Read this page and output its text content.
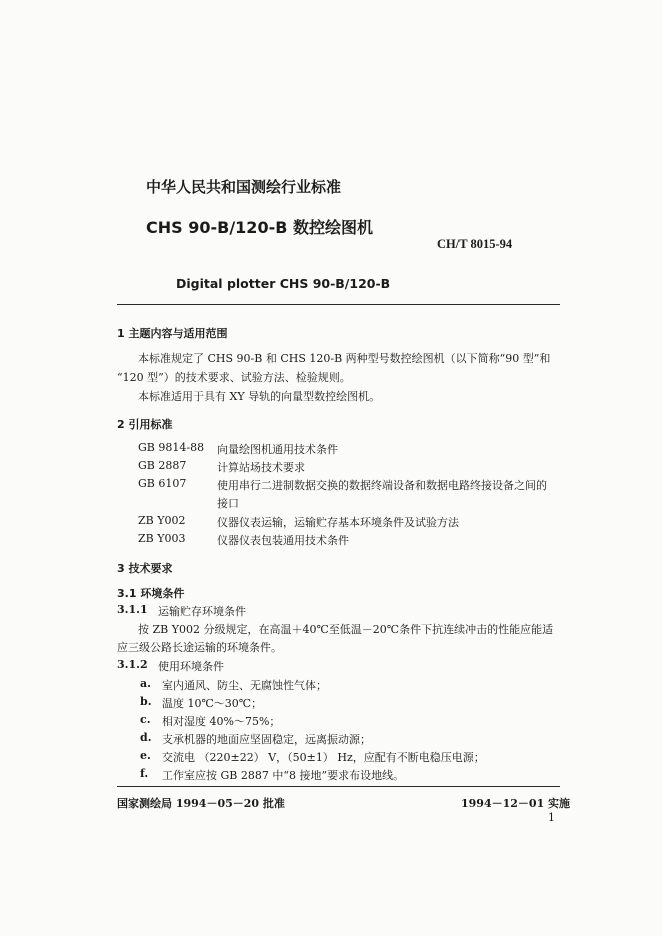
中华人民共和国测绘行业标准
CHS 90-B/120-B 数控绘图机
CH/T 8015-94
Digital plotter CHS 90-B/120-B
1 主题内容与适用范围
本标准规定了 CHS 90-B 和 CHS 120-B 两种型号数控绘图机（以下简称“90 型”和
“120 型”）的技术要求、试验方法、检验规则。
本标准适用于具有 XY 导轨的向量型数控绘图机。
2 引用标准
GB 9814-88 向量绘图机通用技术条件
GB 2887	计算站场技术要求
GB 6107	使用串行二进制数据交换的数据终端设备和数据电路终接设备之间的
接口
ZB Y002	仪器仪表运输，运输贮存基本环境条件及试验方法
ZB Y003	仪器仪表包装通用技术条件
3 技术要求
3.1 环境条件
3.1.1 运输贮存环境条件
按 ZB Y002 分级规定，在高温＋40℃至低温－20℃条件下抗连续冲击的性能应能适
应三级公路长途运输的环境条件。
3.1.2 使用环境条件
a. 室内通风、防尘、无腐蚀性气体；
b. 温度 10℃～30℃；
c. 相对湿度 40%～75%；
d. 支承机器的地面应坚固稳定，远离振动源；
e. 交流电 （220±22） V，（50±1） Hz，应配有不断电稳压电源；
f. 工作室应按 GB 2887 中“8 接地”要求布设地线。
国家测绘局 1994－05－20 批准	1994－12－01 实施
1
